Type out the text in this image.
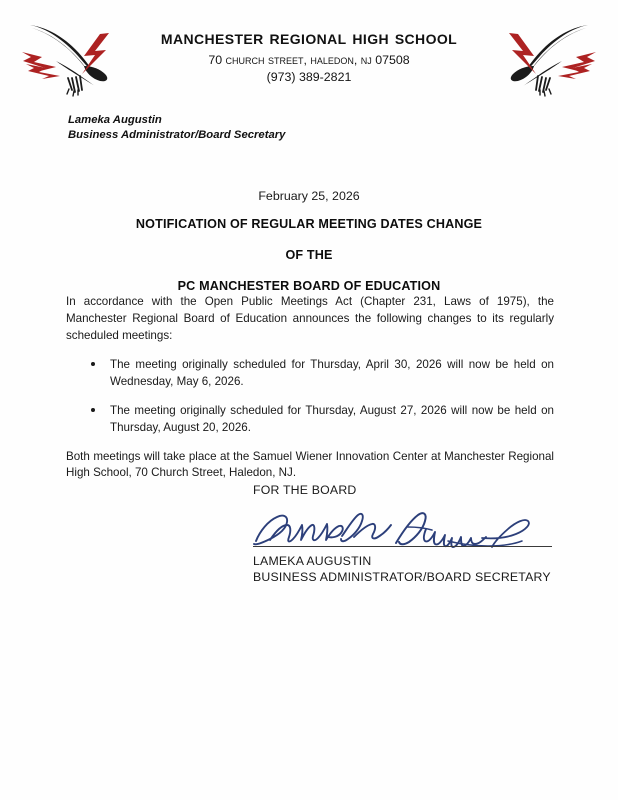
manchester regional high school
70 church street, haledon, nj 07508
(973) 389-2821
Lameka Augustin
Business Administrator/Board Secretary
February 25, 2026
NOTIFICATION OF REGULAR MEETING DATES CHANGE
OF THE
PC MANCHESTER BOARD OF EDUCATION

In accordance with the Open Public Meetings Act (Chapter 231, Laws of 1975), the Manchester Regional Board of Education announces the following changes to its regularly scheduled meetings:

The meeting originally scheduled for Thursday, April 30, 2026 will now be held on Wednesday, May 6, 2026.
The meeting originally scheduled for Thursday, August 27, 2026 will now be held on Thursday, August 20, 2026.

Both meetings will take place at the Samuel Wiener Innovation Center at Manchester Regional High School, 70 Church Street, Haledon, NJ.

FOR THE BOARD
LAMEKA AUGUSTIN
BUSINESS ADMINISTRATOR/BOARD SECRETARY
